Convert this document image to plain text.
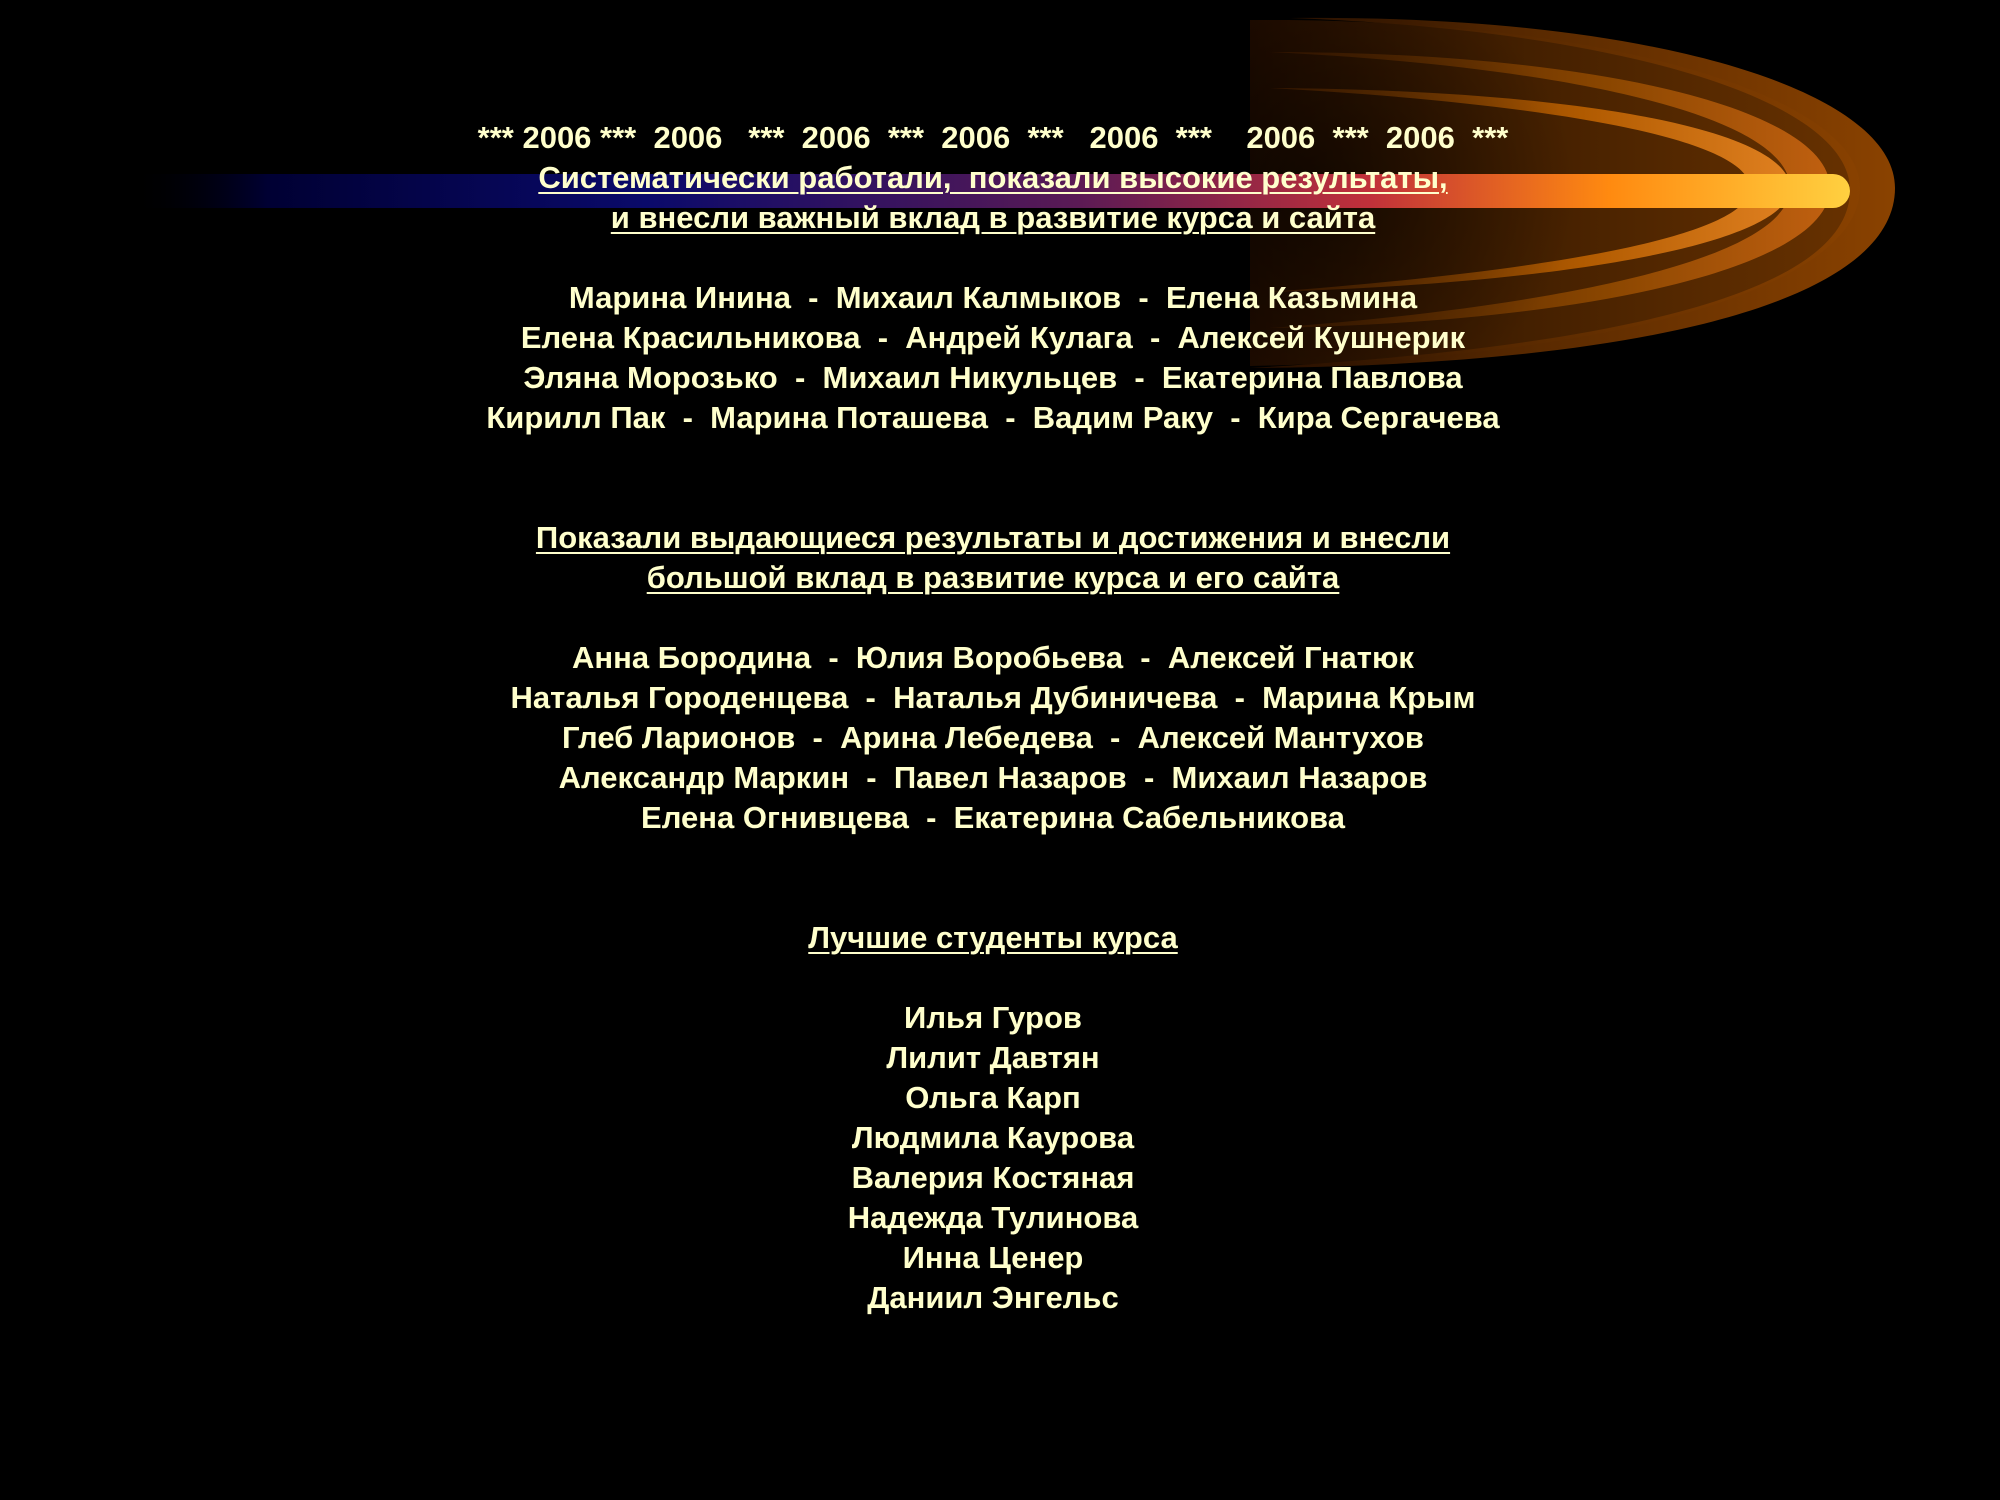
*** 2006 ***  2006   ***  2006  ***  2006  ***   2006  ***    2006  ***  2006  ***
Систематически работали,  показали высокие результаты,
и внесли важный вклад в развитие курса и сайта
Марина Инина  -  Михаил Калмыков  -  Елена Казьмина
Елена Красильникова  -  Андрей Кулага  -  Алексей Кушнерик
Эляна Морозько  -  Михаил Никульцев  -  Екатерина Павлова
Кирилл Пак  -  Марина Поташева  -  Вадим Раку  -  Кира Сергачева
Показали выдающиеся результаты и достижения и внесли
большой вклад в развитие курса и его сайта
Анна Бородина  -  Юлия Воробьева  -  Алексей Гнатюк
Наталья Городенцева  -  Наталья Дубиничева  -  Марина Крым
Глеб Ларионов  -  Арина Лебедева  -  Алексей Мантухов
Александр Маркин  -  Павел Назаров  -  Михаил Назаров
Елена Огнивцева  -  Екатерина Сабельникова
Лучшие студенты курса
Илья Гуров
Лилит Давтян
Ольга Карп
Людмила Каурова
Валерия Костяная
Надежда Тулинова
Инна Ценер
Даниил Энгельс
